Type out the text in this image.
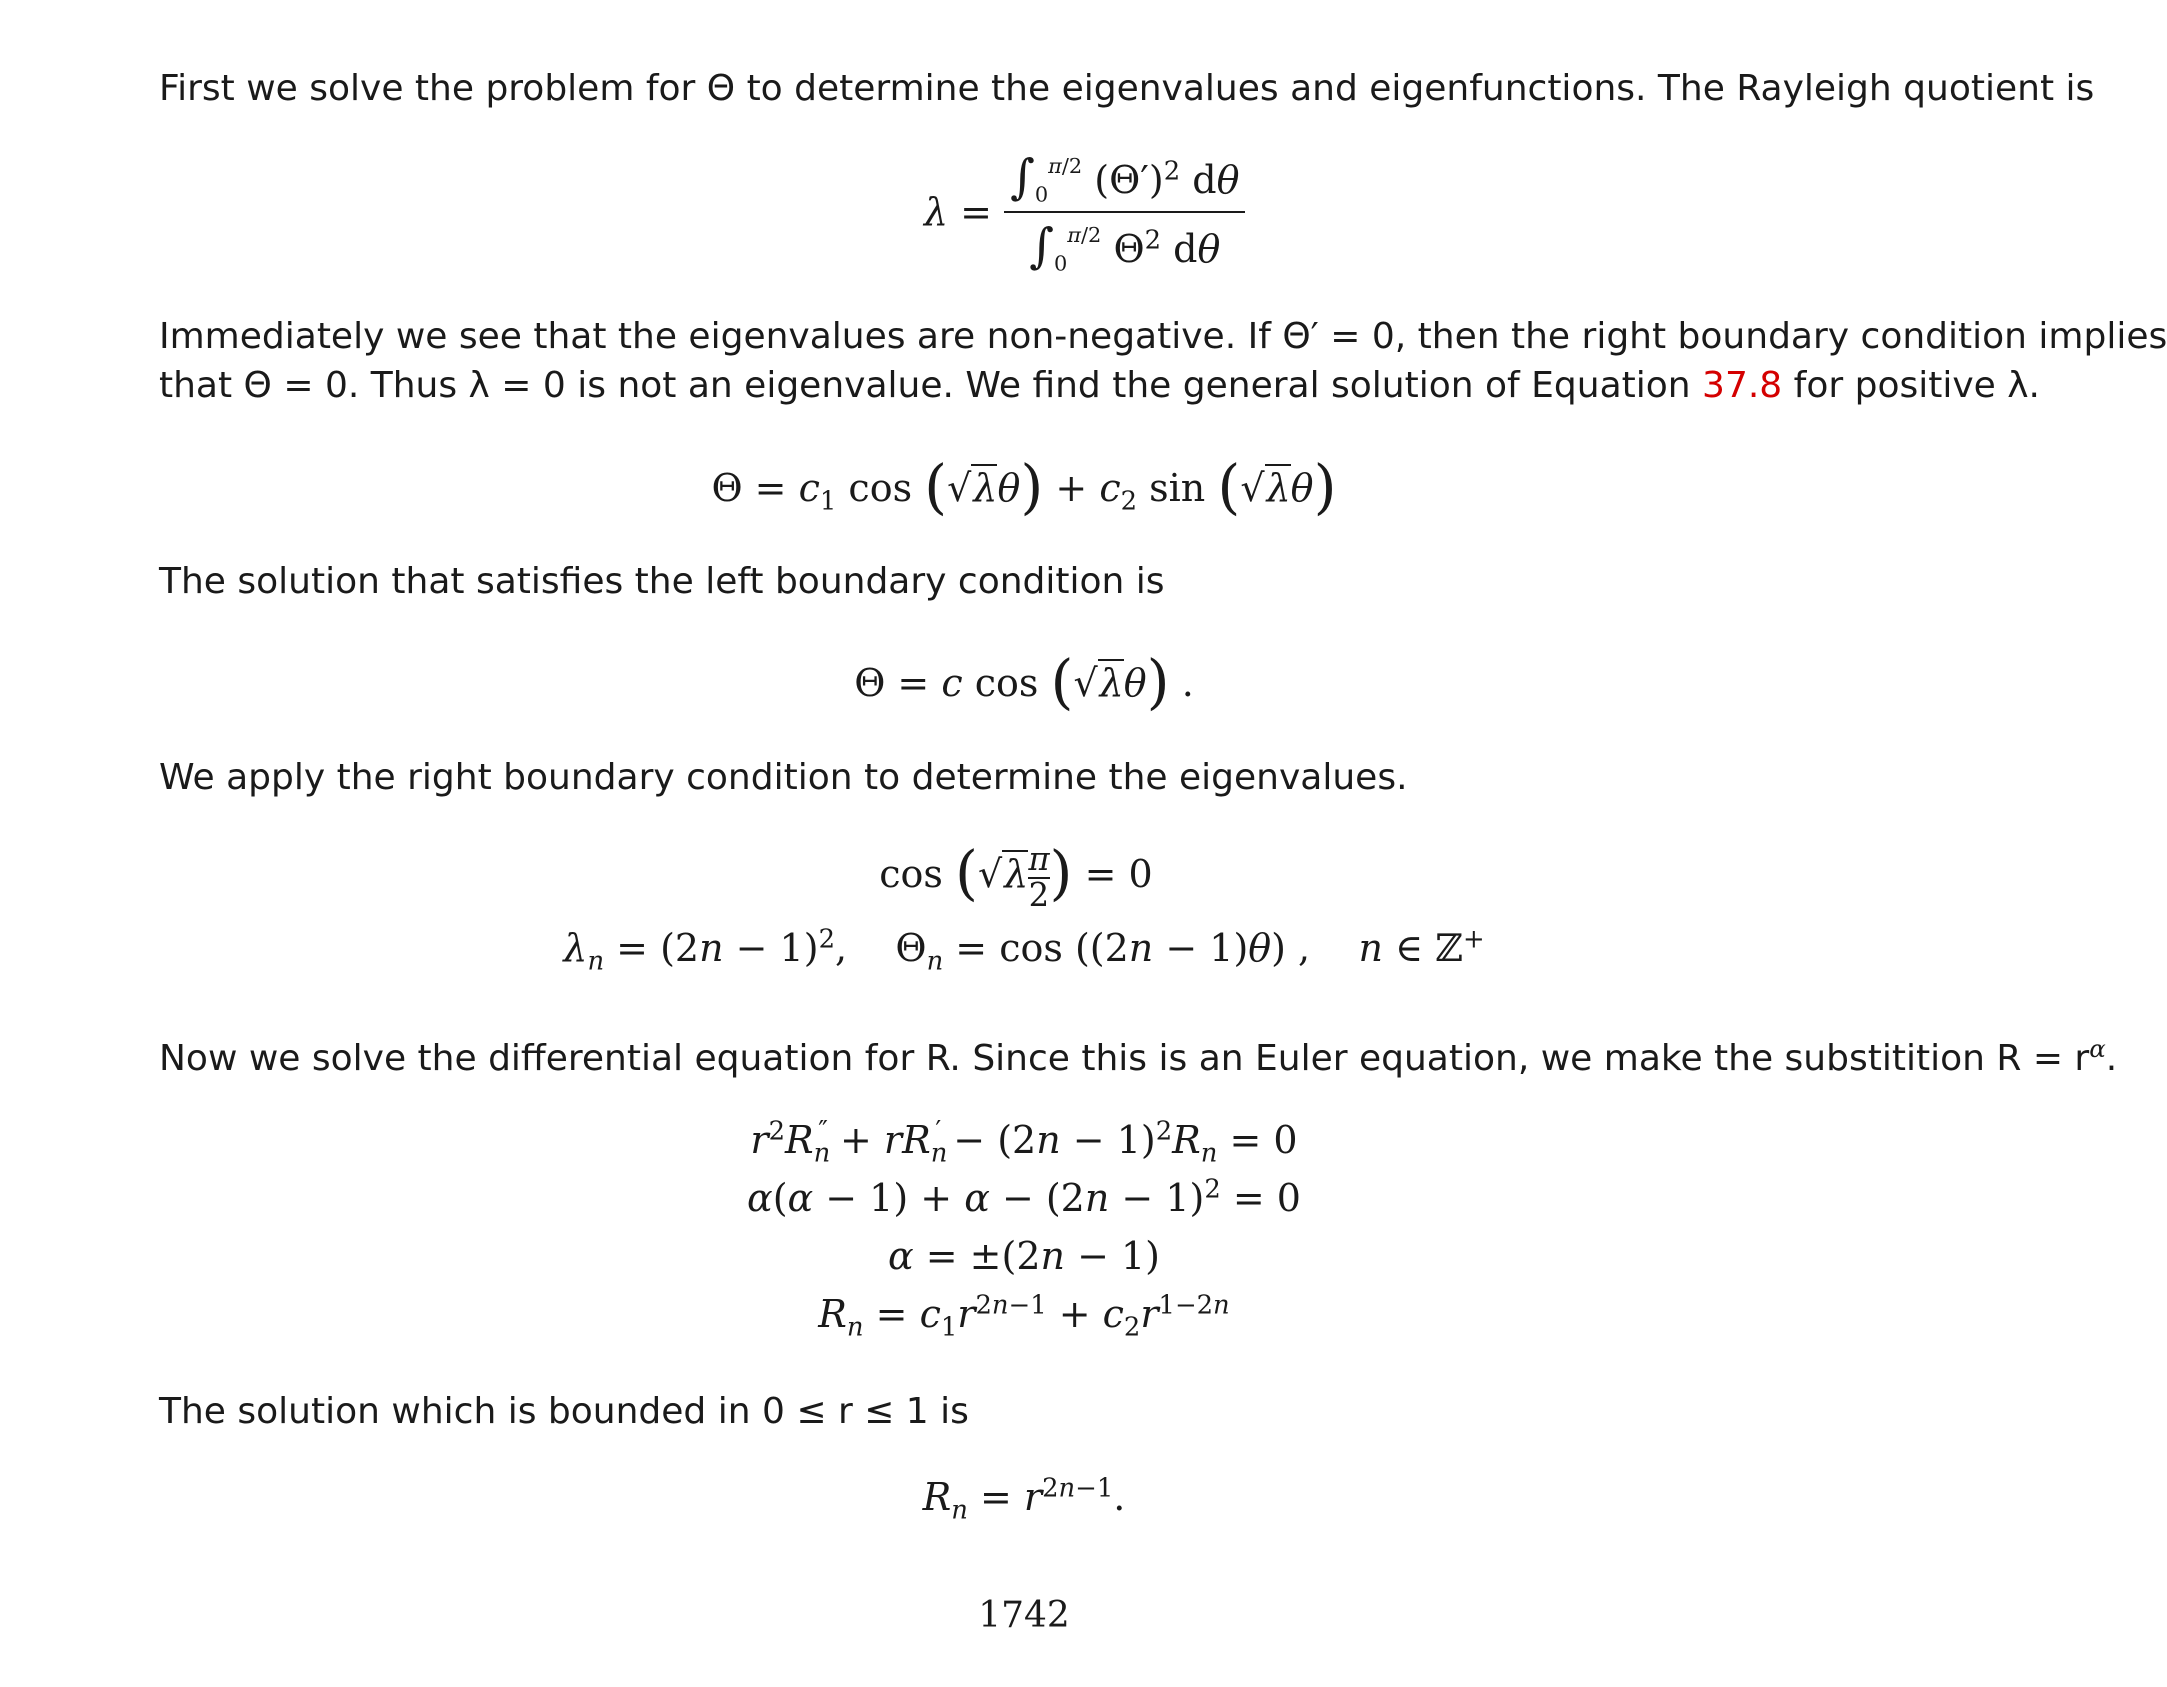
First we solve the problem for Θ to determine the eigenvalues and eigenfunctions. The Rayleigh quotient is
$\lambda = \frac{\int_0^{\pi/2} (\Theta')^2 d\theta}{\int_0^{\pi/2} \Theta^2 d\theta}$
Immediately we see that the eigenvalues are non-negative. If Θ′ = 0, then the right boundary condition implies
that Θ = 0. Thus λ = 0 is not an eigenvalue. We find the general solution of Equation 37.8 for positive λ.
$\Theta = c_1$ $\cos (√\lambda\theta) + c_2$ sin (√λθ)
The solution that satisfies the left boundary condition is
Θ = c cos (√λθ) .
We apply the right boundary condition to determine the eigenvalues.
$\cos (√\lambda \frac{\pi}{2}$ ) = 0
$\lambda_n = (2n - 1)^2$,    $\Theta_n = \cos ((2n - 1)\theta)$ ,    n ∈ ℤ+
Now we solve the differential equation for R. Since this is an Euler equation, we make the substitition $R = r^\alpha$.
$r^2R_n'' + rR_n' - (2n - 1)^2R_n = 0$
$\alpha(\alpha - 1) + \alpha - (2n - 1)^2 = 0$
α = ±(2n − 1)
$R_n = c_1r^{2n-1} + c_2r^{1-2n}$
The solution which is bounded in 0 ≤ r ≤ 1 is
$R_n = r^{2n-1}$.
1742
